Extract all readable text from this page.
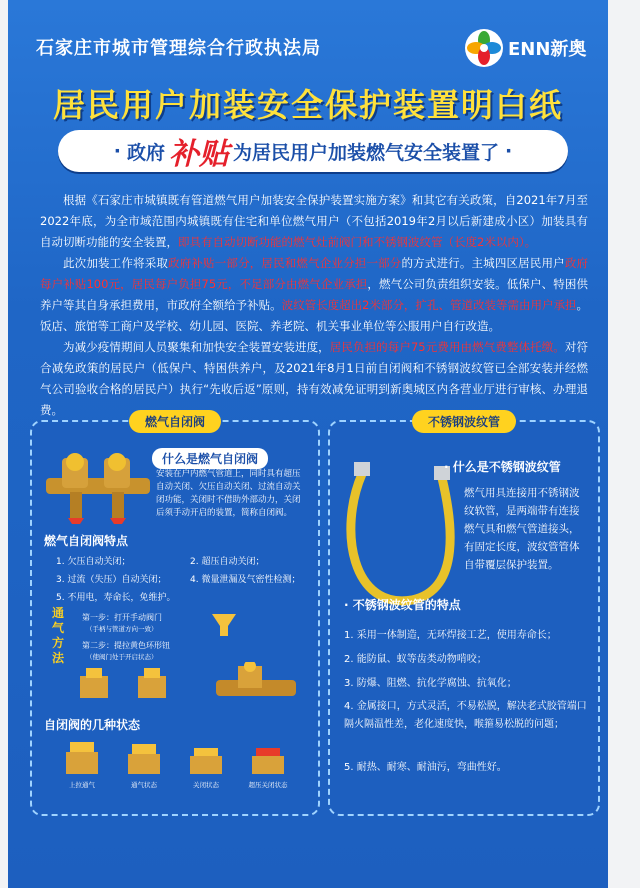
石家庄市城市管理综合行政执法局	ENN新奥
居民用户加装安全保护装置明白纸
· 政府 补贴 为居民用户加装燃气安全装置了 ·

根据《石家庄市城镇既有管道燃气用户加装安全保护装置实施方案》和其它有关政策，自2021年7月至2022年底，为全市域范围内城镇既有住宅和单位燃气用户（不包括2019年2月以后新建成小区）加装具有自动切断功能的安全装置，即具有自动切断功能的燃气灶前阀门和不锈钢波纹管（长度2米以内）。

此次加装工作将采取政府补贴一部分，居民和燃气企业分担一部分的方式进行。主城四区居民用户政府每户补贴100元，居民每户负担75元，不足部分由燃气企业承担，燃气公司负责组织安装。低保户、特困供养户等其自身承担费用，市政府全额给予补贴。波纹管长度超出2米部分，扩孔、管道改装等需由用户承担。饭店、旅馆等工商户及学校、幼儿园、医院、养老院、机关事业单位等公服用户自行改造。

为减少疫情期间人员聚集和加快安全装置安装进度，居民负担的每户75元费用由燃气费整体托缴。对符合减免政策的居民户（低保户、特困供养户，及2021年8月1日前自闭阀和不锈钢波纹管已全部安装并经燃气公司验收合格的居民户）执行“先收后返”原则，持有效减免证明到新奥城区内各营业厅进行审核、办理退费。

燃气自闭阀
什么是燃气自闭阀
安装在户内燃气管道上，同时具有超压自动关闭、欠压自动关闭、过流自动关闭功能，关闭时不借助外部动力，关闭后须手动开启的装置，简称自闭阀。
燃气自闭阀特点
1. 欠压自动关闭；	2. 超压自动关闭；
3. 过流（失压）自动关闭；	4. 微量泄漏及气密性检测；
5. 不用电，寿命长，免维护。
通气方法
第一步：打开手动阀门
（手柄与管道方向一致）
第二步：提拉黄色环形钮
（使阀门处于开启状态）
自闭阀的几种状态
上拉通气	通气状态	关闭状态	超压关闭状态
不锈钢波纹管
· 什么是不锈钢波纹管
燃气用具连接用不锈钢波纹软管，是两端带有连接燃气具和燃气管道接头，有固定长度，波纹管管体自带覆层保护装置。
· 不锈钢波纹管的特点
1. 采用一体制造，无环焊接工艺，使用寿命长；
2. 能防鼠、蚁等齿类动物啃咬；
3. 防爆、阻燃、抗化学腐蚀、抗氧化；
4. 金属接口，方式灵活，不易松脱，解决老式胶管端口隔火隔温性差，老化速度快，喉箍易松脱的问题；
5. 耐热、耐寒、耐油污，弯曲性好。
